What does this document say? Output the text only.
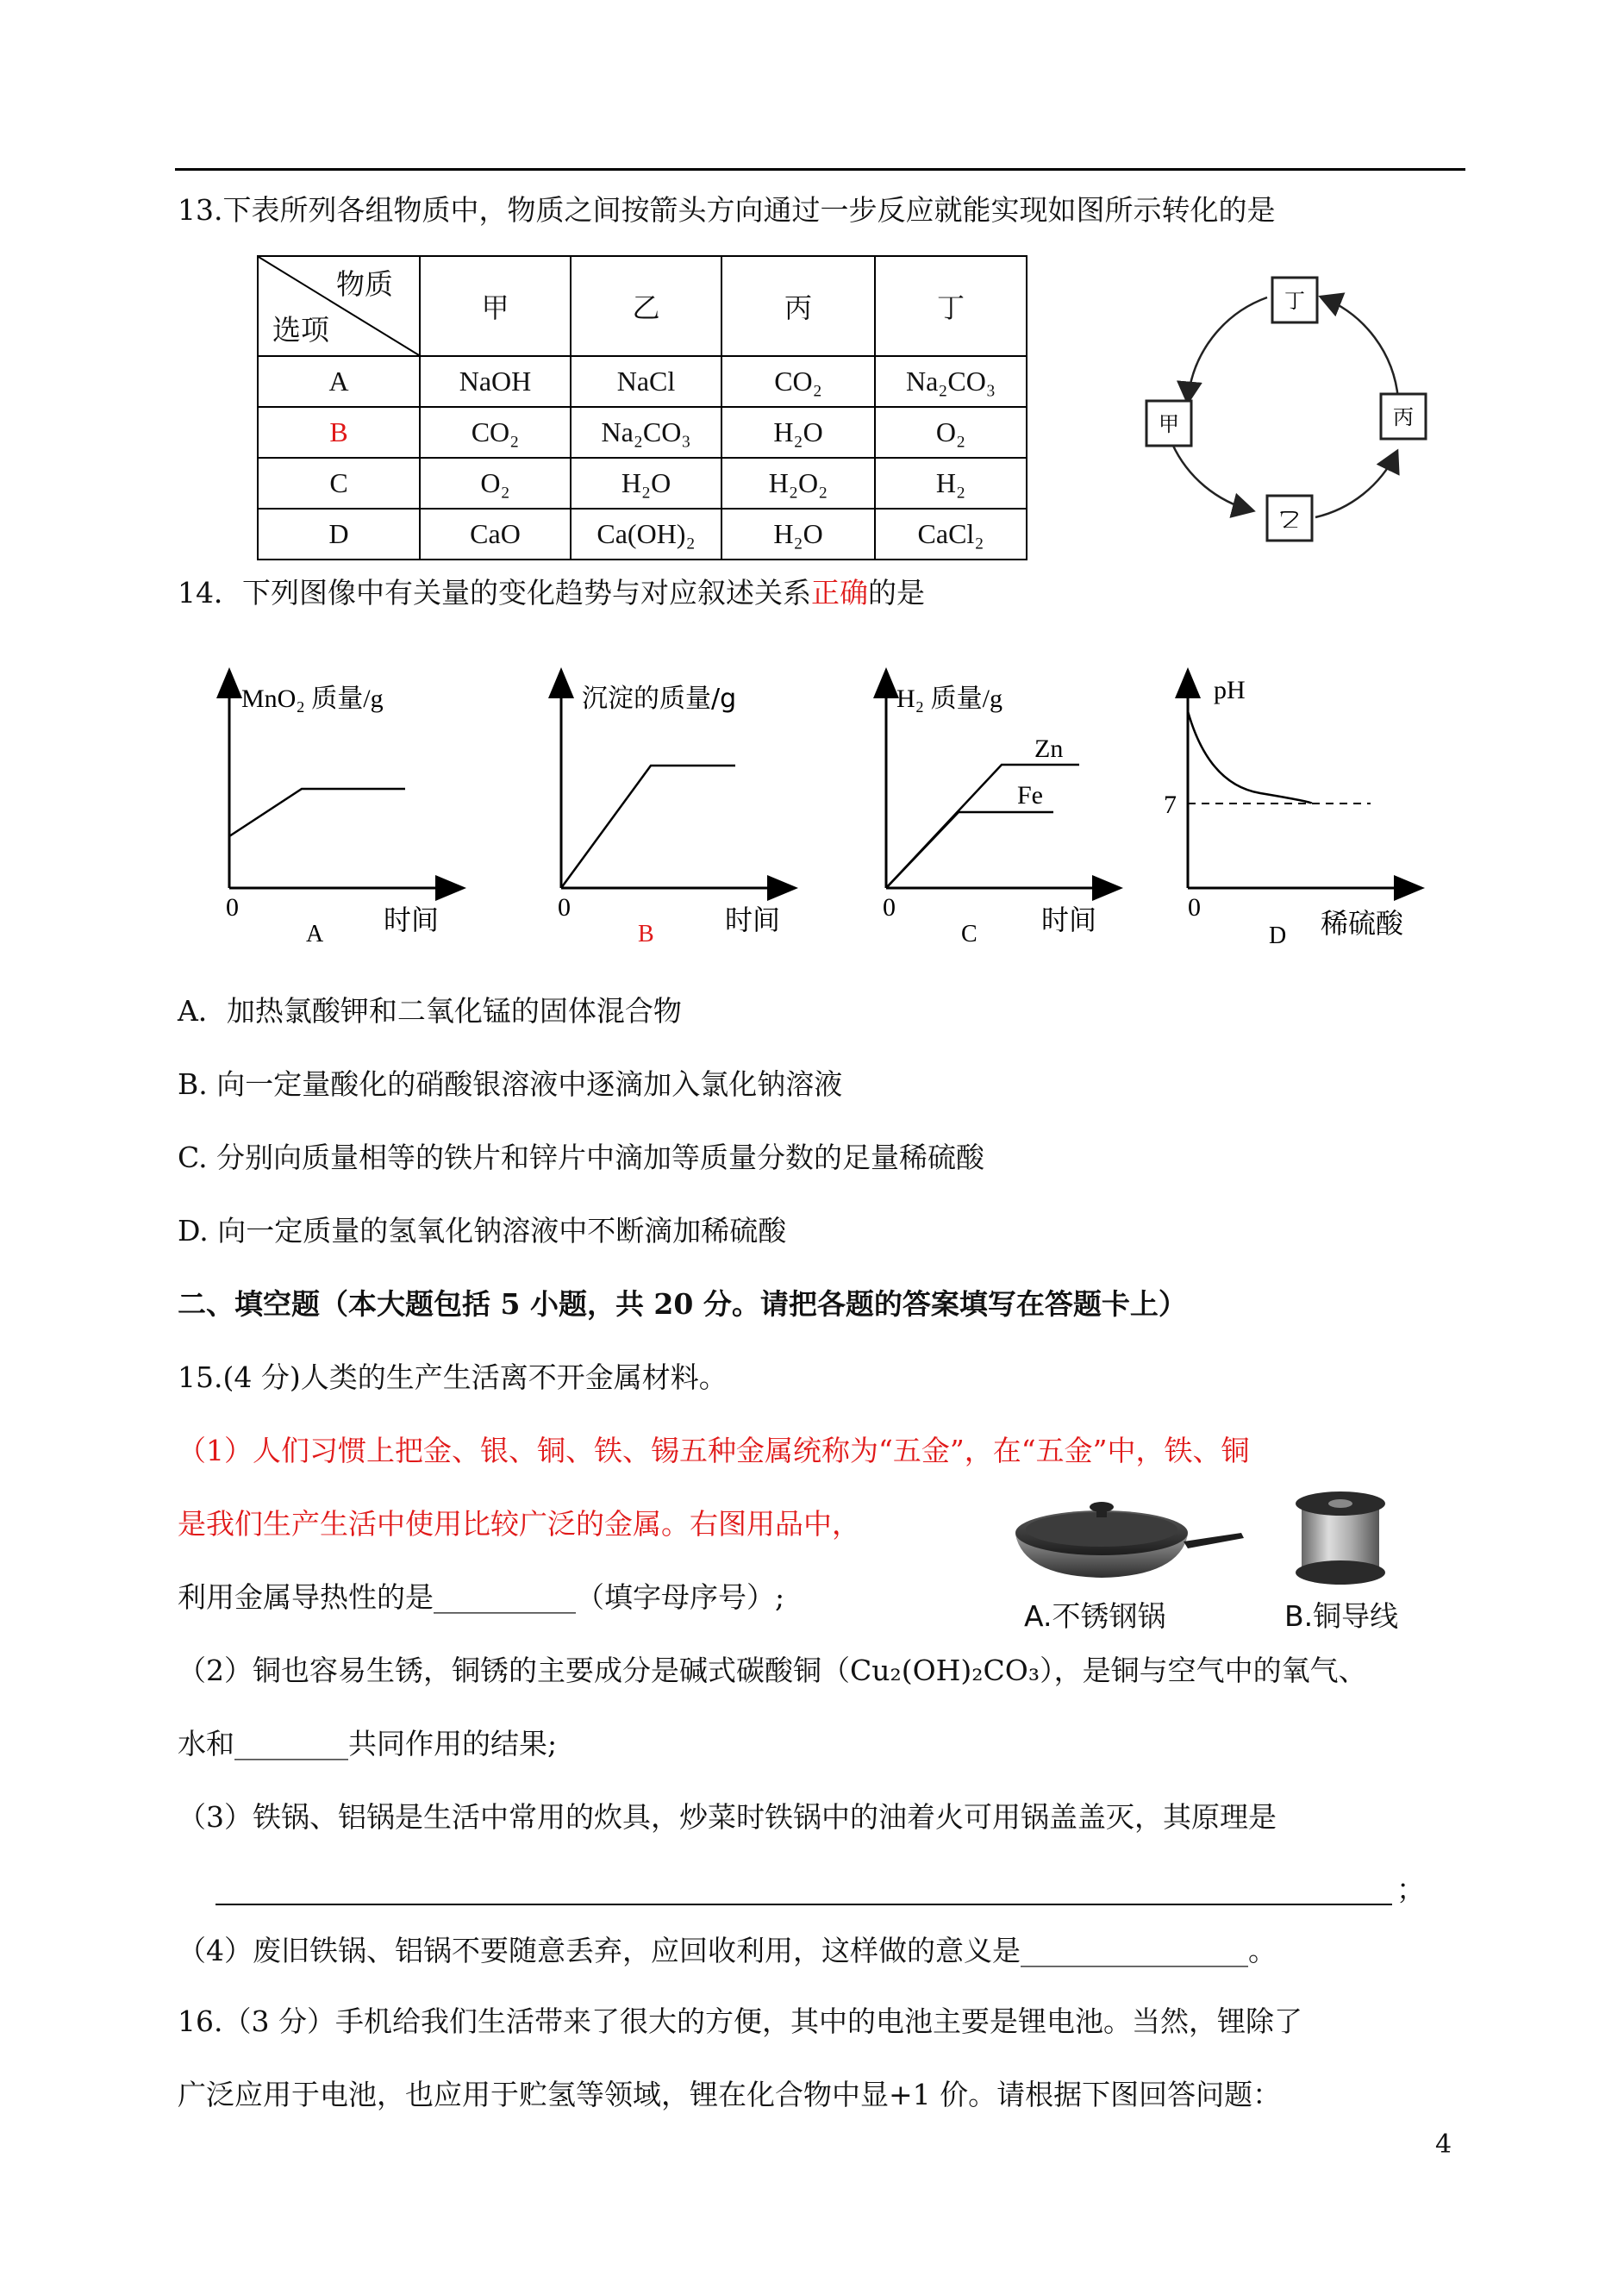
13.下表所列各组物质中，物质之间按箭头方向通过一步反应就能实现如图所示转化的是
物质
选项	甲	乙	丙	丁
A	NaOH	NaCl	CO₂	Na₂CO₃
B	CO₂	Na₂CO₃	H₂O	O₂
C	O₂	H₂O	H₂O₂	H₂
D	CaO	Ca(OH)₂	H₂O	CaCl₂
丁
甲	丙
乙
14．下列图像中有关量的变化趋势与对应叙述关系正确的是
MnO₂ 质量/g
0	时间
A
沉淀的质量/g
0	时间
B
H₂ 质量/g
Zn
Fe
0	时间
C
pH
7
0	稀硫酸
D
A．加热氯酸钾和二氧化锰的固体混合物
B. 向一定量酸化的硝酸银溶液中逐滴加入氯化钠溶液
C. 分别向质量相等的铁片和锌片中滴加等质量分数的足量稀硫酸
D. 向一定质量的氢氧化钠溶液中不断滴加稀硫酸
二、填空题（本大题包括 5 小题，共 20 分。请把各题的答案填写在答题卡上）
15.(4 分)人类的生产生活离不开金属材料。
（1）人们习惯上把金、银、铜、铁、锡五种金属统称为“五金”，在“五金”中，铁、铜
是我们生产生活中使用比较广泛的金属。右图用品中，
利用金属导热性的是__________（填字母序号）;
A.不锈钢锅	B.铜导线
（2）铜也容易生锈，铜锈的主要成分是碱式碳酸铜（Cu₂(OH)₂CO₃），是铜与空气中的氧气、
水和________共同作用的结果;
（3）铁锅、铝锅是生活中常用的炊具，炒菜时铁锅中的油着火可用锅盖盖灭，其原理是
；
（4）废旧铁锅、铝锅不要随意丢弃，应回收利用，这样做的意义是________________。
16.（3 分）手机给我们生活带来了很大的方便，其中的电池主要是锂电池。当然，锂除了
广泛应用于电池，也应用于贮氢等领域，锂在化合物中显+1 价。请根据下图回答问题：
4
